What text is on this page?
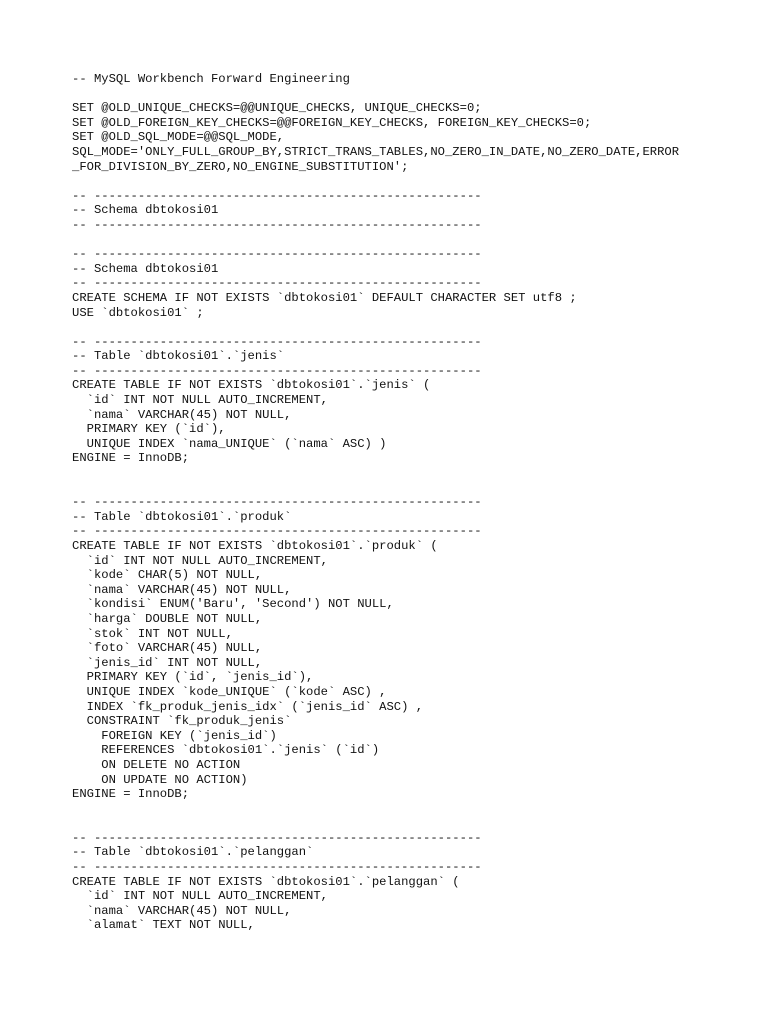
-- MySQL Workbench Forward Engineering
SET @OLD_UNIQUE_CHECKS=@@UNIQUE_CHECKS, UNIQUE_CHECKS=0;
SET @OLD_FOREIGN_KEY_CHECKS=@@FOREIGN_KEY_CHECKS, FOREIGN_KEY_CHECKS=0;
SET @OLD_SQL_MODE=@@SQL_MODE,
SQL_MODE='ONLY_FULL_GROUP_BY,STRICT_TRANS_TABLES,NO_ZERO_IN_DATE,NO_ZERO_DATE,ERROR
_FOR_DIVISION_BY_ZERO,NO_ENGINE_SUBSTITUTION';
-- -----------------------------------------------------
-- Schema dbtokosi01
-- -----------------------------------------------------
-- -----------------------------------------------------
-- Schema dbtokosi01
-- -----------------------------------------------------
CREATE SCHEMA IF NOT EXISTS `dbtokosi01` DEFAULT CHARACTER SET utf8 ;
USE `dbtokosi01` ;
-- -----------------------------------------------------
-- Table `dbtokosi01`.`jenis`
-- -----------------------------------------------------
CREATE TABLE IF NOT EXISTS `dbtokosi01`.`jenis` (
`id` INT NOT NULL AUTO_INCREMENT,
`nama` VARCHAR(45) NOT NULL,
PRIMARY KEY (`id`),
UNIQUE INDEX `nama_UNIQUE` (`nama` ASC) )
ENGINE = InnoDB;
-- -----------------------------------------------------
-- Table `dbtokosi01`.`produk`
-- -----------------------------------------------------
CREATE TABLE IF NOT EXISTS `dbtokosi01`.`produk` (
`id` INT NOT NULL AUTO_INCREMENT,
`kode` CHAR(5) NOT NULL,
`nama` VARCHAR(45) NOT NULL,
`kondisi` ENUM('Baru', 'Second') NOT NULL,
`harga` DOUBLE NOT NULL,
`stok` INT NOT NULL,
`foto` VARCHAR(45) NULL,
`jenis_id` INT NOT NULL,
PRIMARY KEY (`id`, `jenis_id`),
UNIQUE INDEX `kode_UNIQUE` (`kode` ASC) ,
INDEX `fk_produk_jenis_idx` (`jenis_id` ASC) ,
CONSTRAINT `fk_produk_jenis`
FOREIGN KEY (`jenis_id`)
REFERENCES `dbtokosi01`.`jenis` (`id`)
ON DELETE NO ACTION
ON UPDATE NO ACTION)
ENGINE = InnoDB;
-- -----------------------------------------------------
-- Table `dbtokosi01`.`pelanggan`
-- -----------------------------------------------------
CREATE TABLE IF NOT EXISTS `dbtokosi01`.`pelanggan` (
`id` INT NOT NULL AUTO_INCREMENT,
`nama` VARCHAR(45) NOT NULL,
`alamat` TEXT NOT NULL,
